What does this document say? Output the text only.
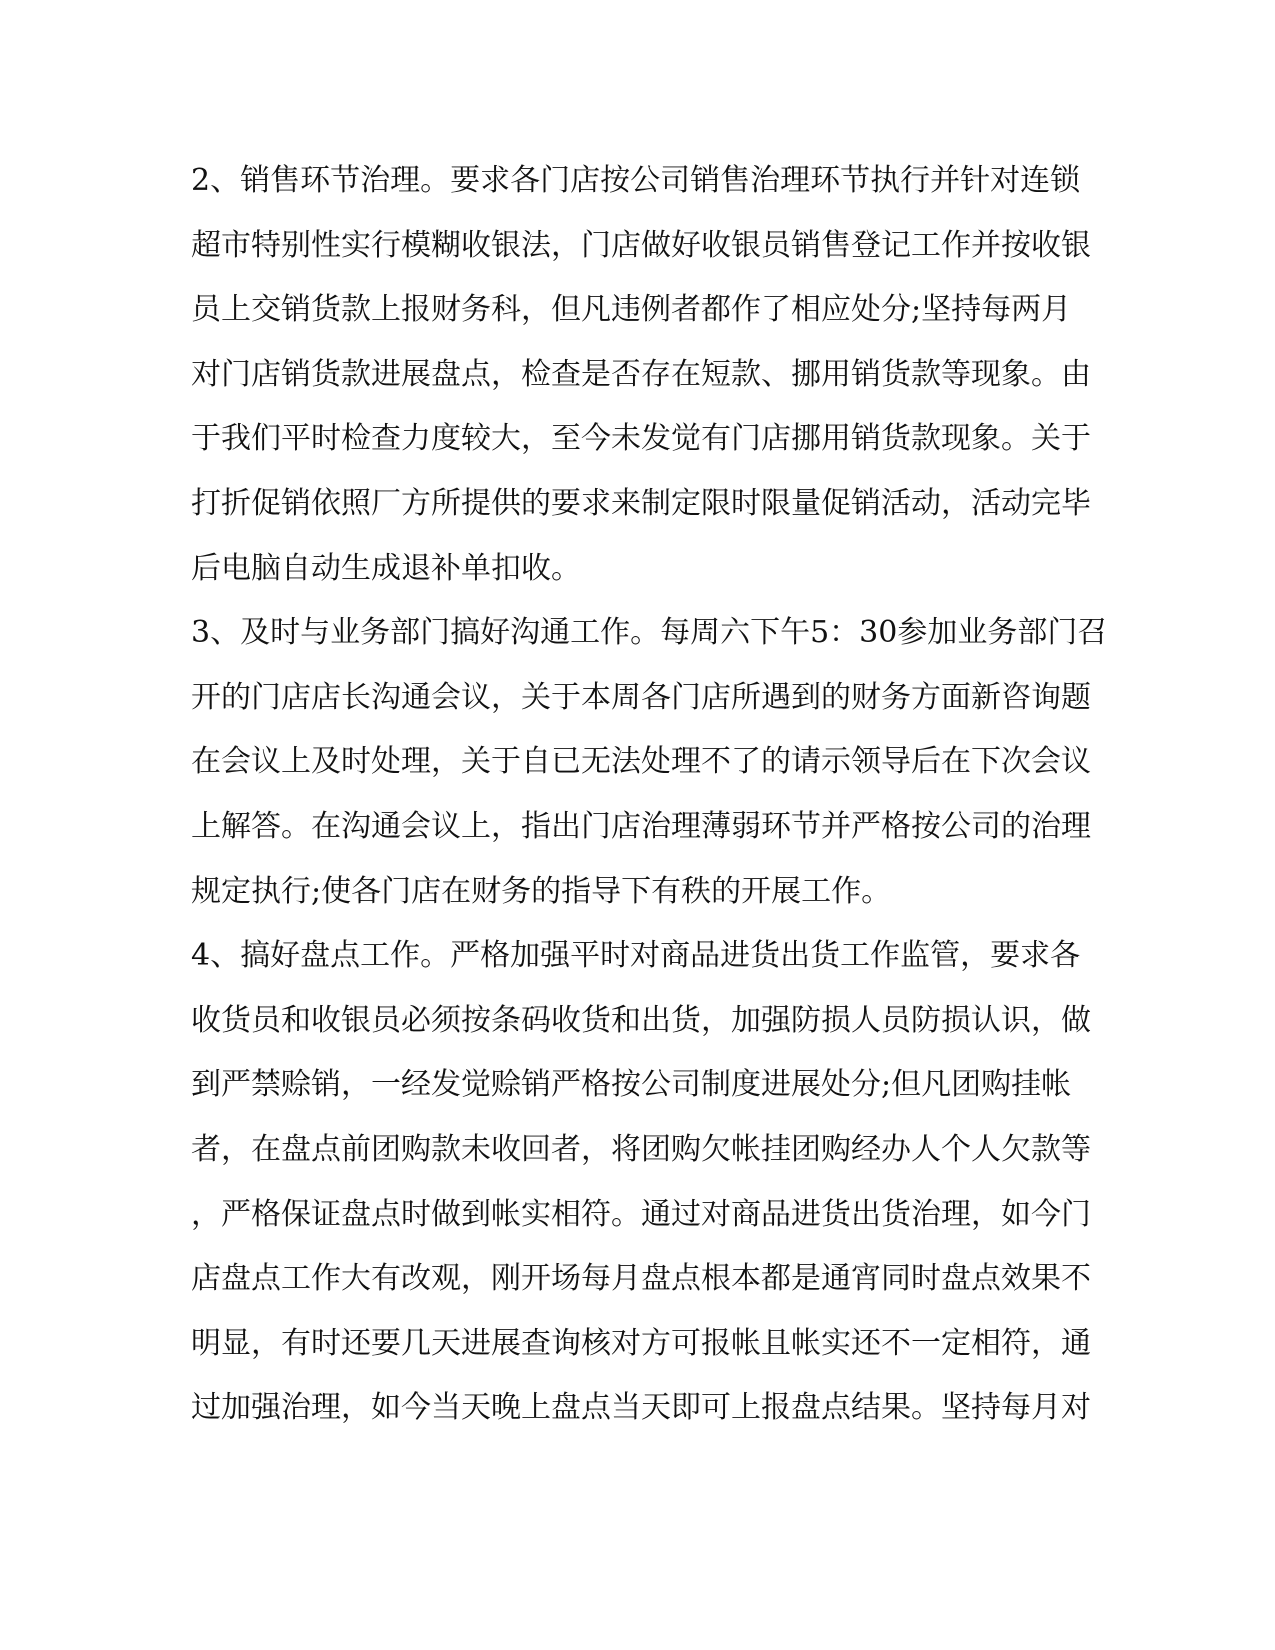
2、销售环节治理。要求各门店按公司销售治理环节执行并针对连锁
超市特别性实行模糊收银法，门店做好收银员销售登记工作并按收银
员上交销货款上报财务科，但凡违例者都作了相应处分;坚持每两月
对门店销货款进展盘点，检查是否存在短款、挪用销货款等现象。由
于我们平时检查力度较大，至今未发觉有门店挪用销货款现象。关于
打折促销依照厂方所提供的要求来制定限时限量促销活动，活动完毕
后电脑自动生成退补单扣收。
3、及时与业务部门搞好沟通工作。每周六下午5：30参加业务部门召
开的门店店长沟通会议，关于本周各门店所遇到的财务方面新咨询题
在会议上及时处理，关于自已无法处理不了的请示领导后在下次会议
上解答。在沟通会议上，指出门店治理薄弱环节并严格按公司的治理
规定执行;使各门店在财务的指导下有秩的开展工作。
4、搞好盘点工作。严格加强平时对商品进货出货工作监管，要求各
收货员和收银员必须按条码收货和出货，加强防损人员防损认识，做
到严禁赊销，一经发觉赊销严格按公司制度进展处分;但凡团购挂帐
者，在盘点前团购款未收回者，将团购欠帐挂团购经办人个人欠款等
，严格保证盘点时做到帐实相符。通过对商品进货出货治理，如今门
店盘点工作大有改观，刚开场每月盘点根本都是通宵同时盘点效果不
明显，有时还要几天进展查询核对方可报帐且帐实还不一定相符，通
过加强治理，如今当天晚上盘点当天即可上报盘点结果。坚持每月对
